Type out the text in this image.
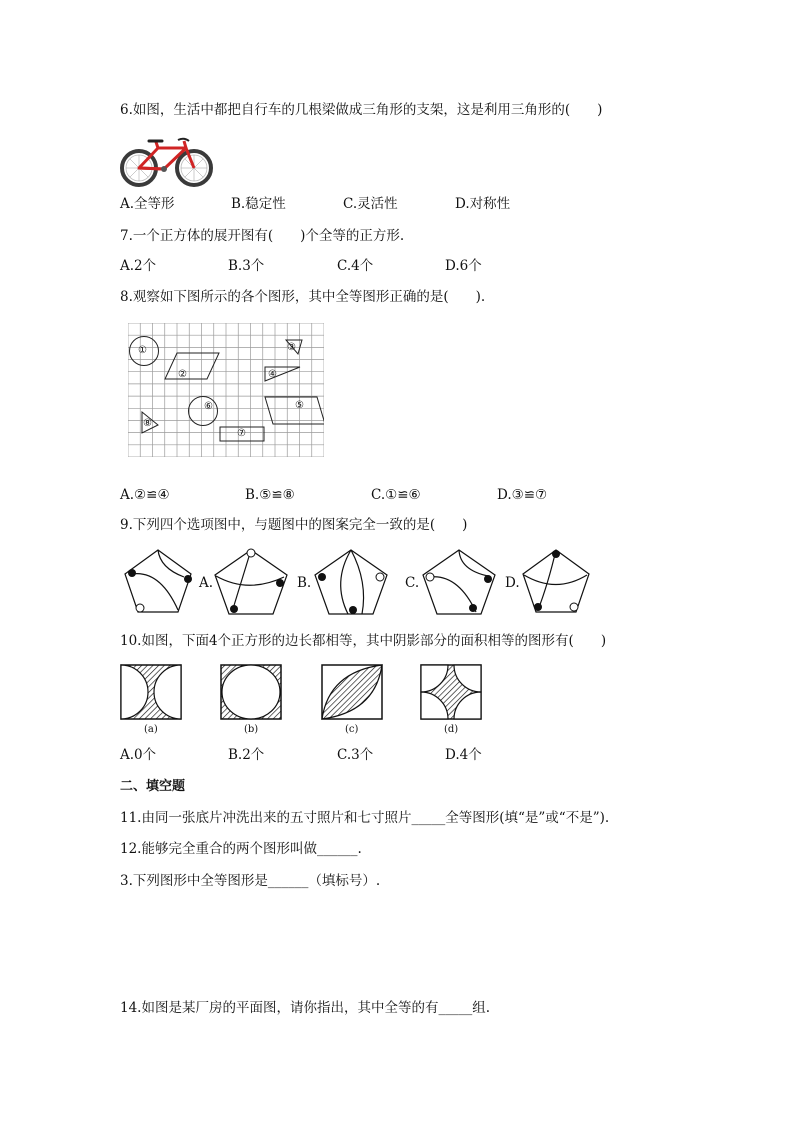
6.如图，生活中都把自行车的几根梁做成三角形的支架，这是利用三角形的(　　)
A.全等形	B.稳定性	C.灵活性	D.对称性
7.一个正方体的展开图有(　　)个全等的正方形.
A.2个	B.3个	C.4个	D.6个
8.观察如下图所示的各个图形，其中全等图形正确的是(　　).
①
②
③
④
⑤
⑥
⑦
⑧
A.②≌④	B.⑤≌⑧	C.①≌⑥	D.③≌⑦
9.下列四个选项图中，与题图中的图案完全一致的是(　　)
A.	B.	C.	D.
10.如图，下面4个正方形的边长都相等，其中阴影部分的面积相等的图形有(　　)
(a)	(b)	(c)	(d)
A.0个	B.2个	C.3个	D.4个
二、填空题
11.由同一张底片冲洗出来的五寸照片和七寸照片_____全等图形(填“是”或“不是”).
12.能够完全重合的两个图形叫做______.
3.下列图形中全等图形是______（填标号）.
14.如图是某厂房的平面图，请你指出，其中全等的有_____组.
